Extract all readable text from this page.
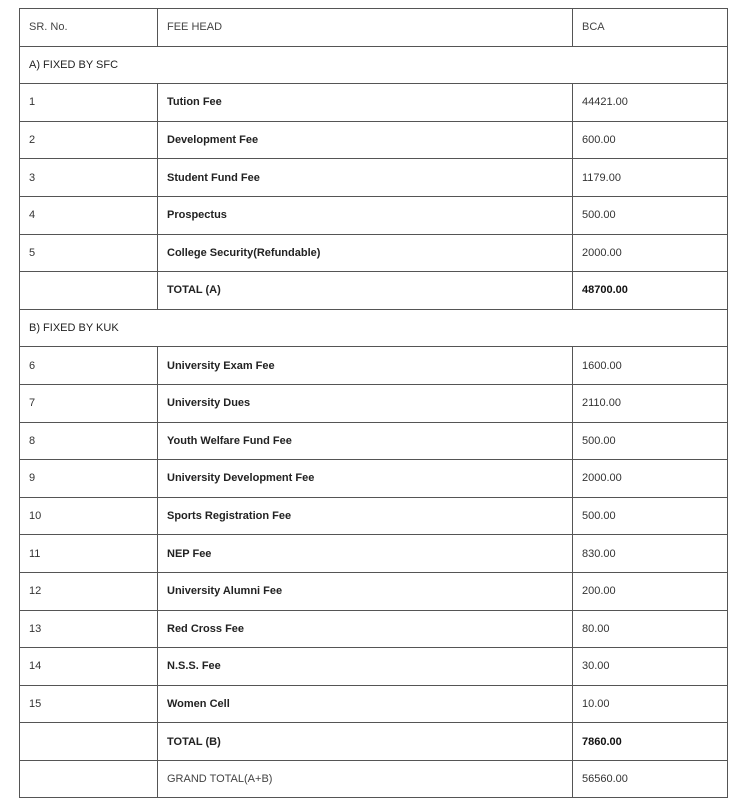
SR. No.	FEE HEAD	BCA
A) FIXED BY SFC		
1	Tution Fee	44421.00
2	Development Fee	600.00
3	Student Fund Fee	1179.00
4	Prospectus	500.00
5	College Security(Refundable)	2000.00
	TOTAL (A)	48700.00
B) FIXED BY KUK		
6	University Exam Fee	1600.00
7	University Dues	2110.00
8	Youth Welfare Fund Fee	500.00
9	University Development Fee	2000.00
10	Sports Registration Fee	500.00
11	NEP Fee	830.00
12	University Alumni Fee	200.00
13	Red Cross Fee	80.00
14	N.S.S. Fee	30.00
15	Women Cell	10.00
	TOTAL (B)	7860.00
	GRAND TOTAL(A+B)	56560.00
